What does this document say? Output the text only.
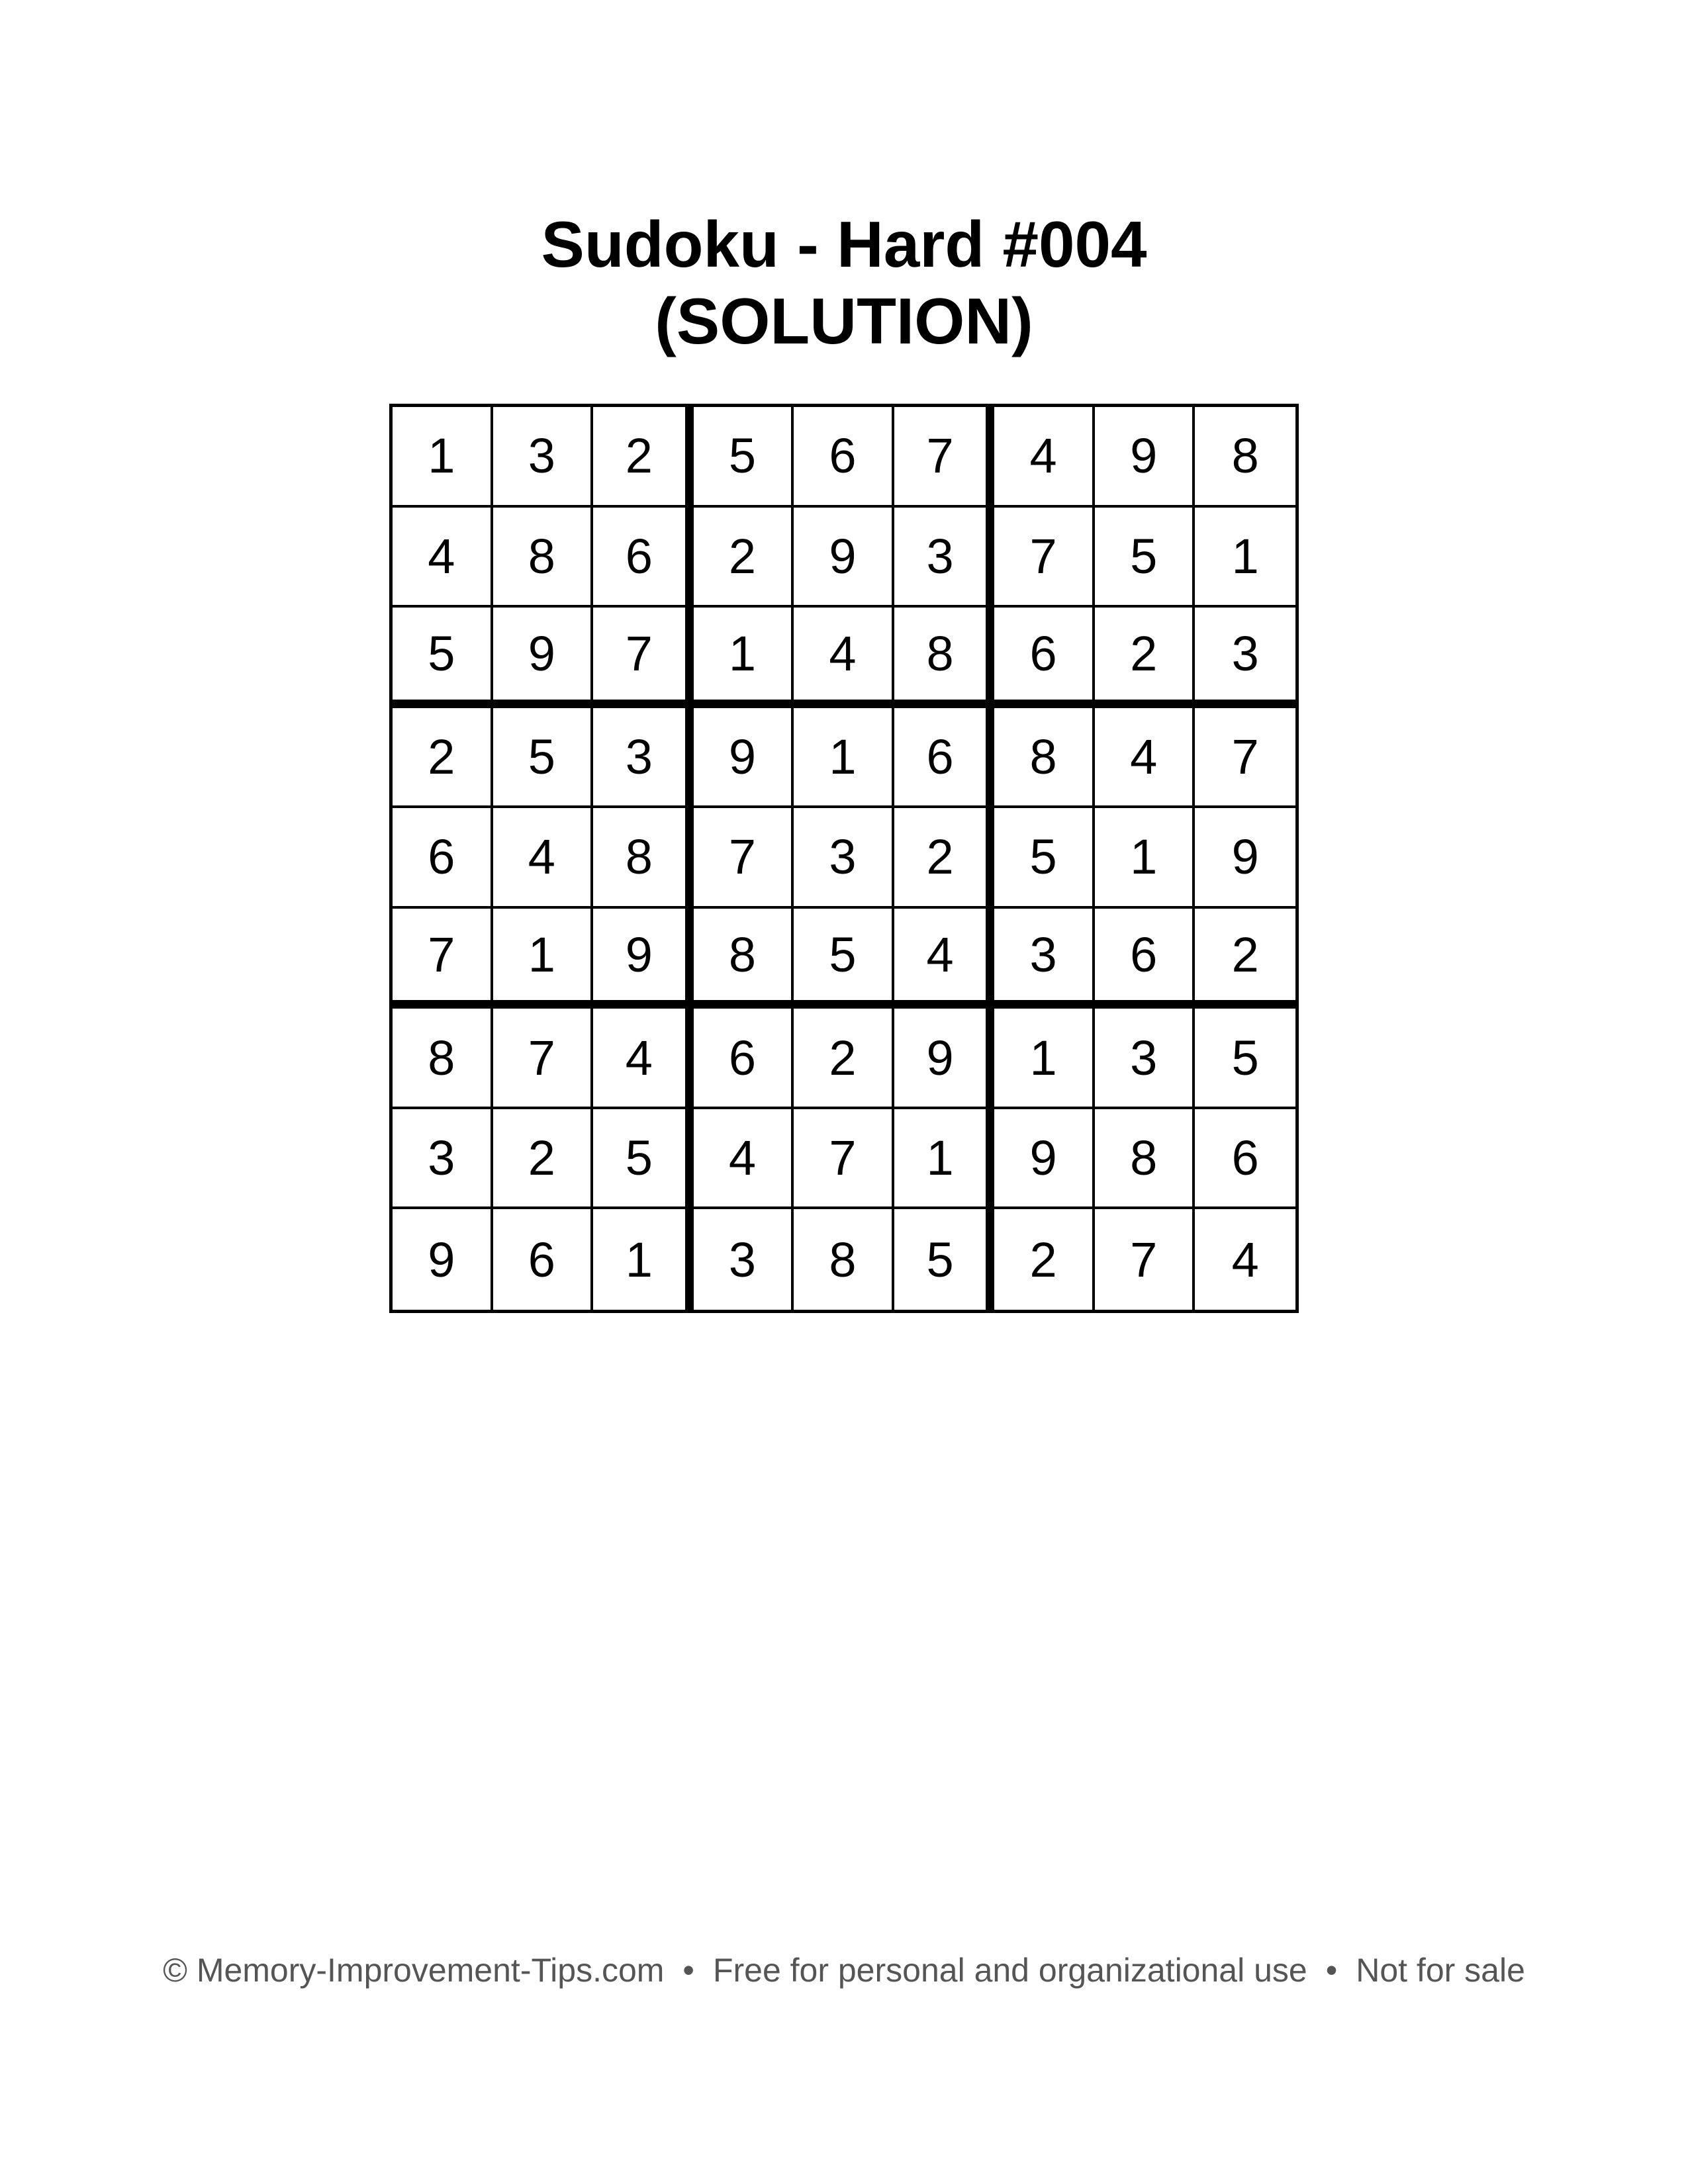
Sudoku - Hard #004
(SOLUTION)
1	3	2	5	6	7	4	9	8
4	8	6	2	9	3	7	5	1
5	9	7	1	4	8	6	2	3
2	5	3	9	1	6	8	4	7
6	4	8	7	3	2	5	1	9
7	1	9	8	5	4	3	6	2
8	7	4	6	2	9	1	3	5
3	2	5	4	7	1	9	8	6
9	6	1	3	8	5	2	7	4
© Memory-Improvement-Tips.com • Free for personal and organizational use • Not for sale
